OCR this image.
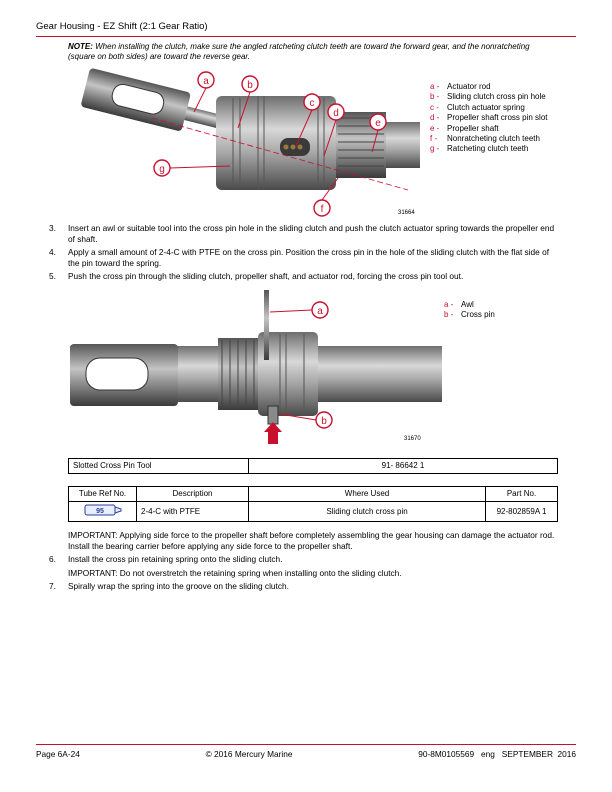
Gear Housing - EZ Shift (2:1 Gear Ratio)
NOTE: When installing the clutch, make sure the angled ratcheting clutch teeth are toward the forward gear, and the nonratcheting (square on both sides) are toward the reverse gear.
a	b
c
d
e
f
g
31664
a - Actuator rod
b - Sliding clutch cross pin hole
c -	Clutch actuator spring
d - Propeller shaft cross pin slot
e - Propeller shaft
f -	Nonratcheting clutch teeth
g - Ratcheting clutch teeth
3.	Insert an awl or suitable tool into the cross pin hole in the sliding clutch and push the clutch actuator spring towards the propeller end of shaft.
4.	Apply a small amount of 2-4-C with PTFE on the cross pin. Position the cross pin in the hole of the sliding clutch with the flat side of the pin toward the spring.
5.	Push the cross pin through the sliding clutch, propeller shaft, and actuator rod, forcing the cross pin tool out.
a
b
31670
a - Awl
b - Cross pin
Slotted Cross Pin Tool	91- 86642 1
Tube Ref No.	Description	Where Used	Part No.

95	2-4-C with PTFE	Sliding clutch cross pin	92-802859A 1
IMPORTANT: Applying side force to the propeller shaft before completely assembling the gear housing can damage the actuator rod. Install the bearing carrier before applying any side force to the propeller shaft.
6.	Install the cross pin retaining spring onto the sliding clutch.
IMPORTANT: Do not overstretch the retaining spring when installing onto the sliding clutch.
7.	Spirally wrap the spring into the groove on the sliding clutch.
Page 6A-24	© 2016 Mercury Marine	90-8M0105569   eng   SEPTEMBER  2016
